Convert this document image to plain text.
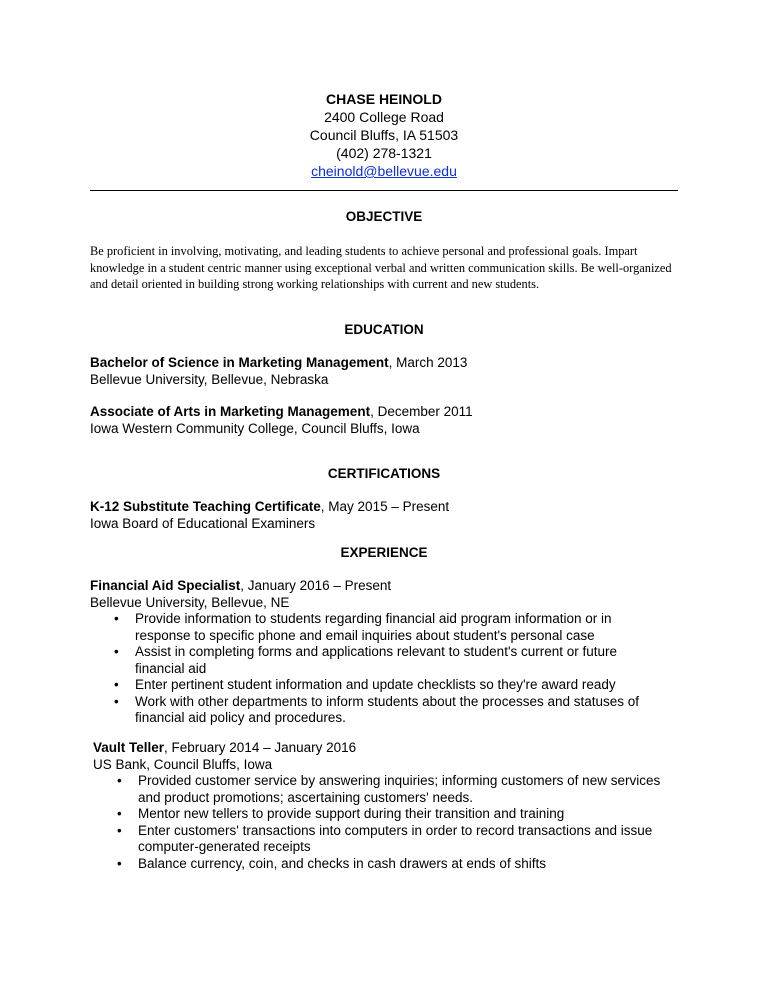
CHASE HEINOLD
2400 College Road
Council Bluffs, IA 51503
(402) 278-1321
cheinold@bellevue.edu
OBJECTIVE
Be proficient in involving, motivating, and leading students to achieve personal and professional goals. Impart knowledge in a student centric manner using exceptional verbal and written communication skills. Be well-organized and detail oriented in building strong working relationships with current and new students.
EDUCATION
Bachelor of Science in Marketing Management, March 2013
Bellevue University, Bellevue, Nebraska
Associate of Arts in Marketing Management, December 2011
Iowa Western Community College, Council Bluffs, Iowa
CERTIFICATIONS
K-12 Substitute Teaching Certificate, May 2015 – Present
Iowa Board of Educational Examiners
EXPERIENCE
Financial Aid Specialist, January 2016 – Present
Bellevue University, Bellevue, NE
• Provide information to students regarding financial aid program information or in response to specific phone and email inquiries about student's personal case
• Assist in completing forms and applications relevant to student's current or future financial aid
• Enter pertinent student information and update checklists so they're award ready
• Work with other departments to inform students about the processes and statuses of financial aid policy and procedures.
Vault Teller, February 2014 – January 2016
US Bank, Council Bluffs, Iowa
• Provided customer service by answering inquiries; informing customers of new services and product promotions; ascertaining customers' needs.
• Mentor new tellers to provide support during their transition and training
• Enter customers' transactions into computers in order to record transactions and issue computer-generated receipts
• Balance currency, coin, and checks in cash drawers at ends of shifts
